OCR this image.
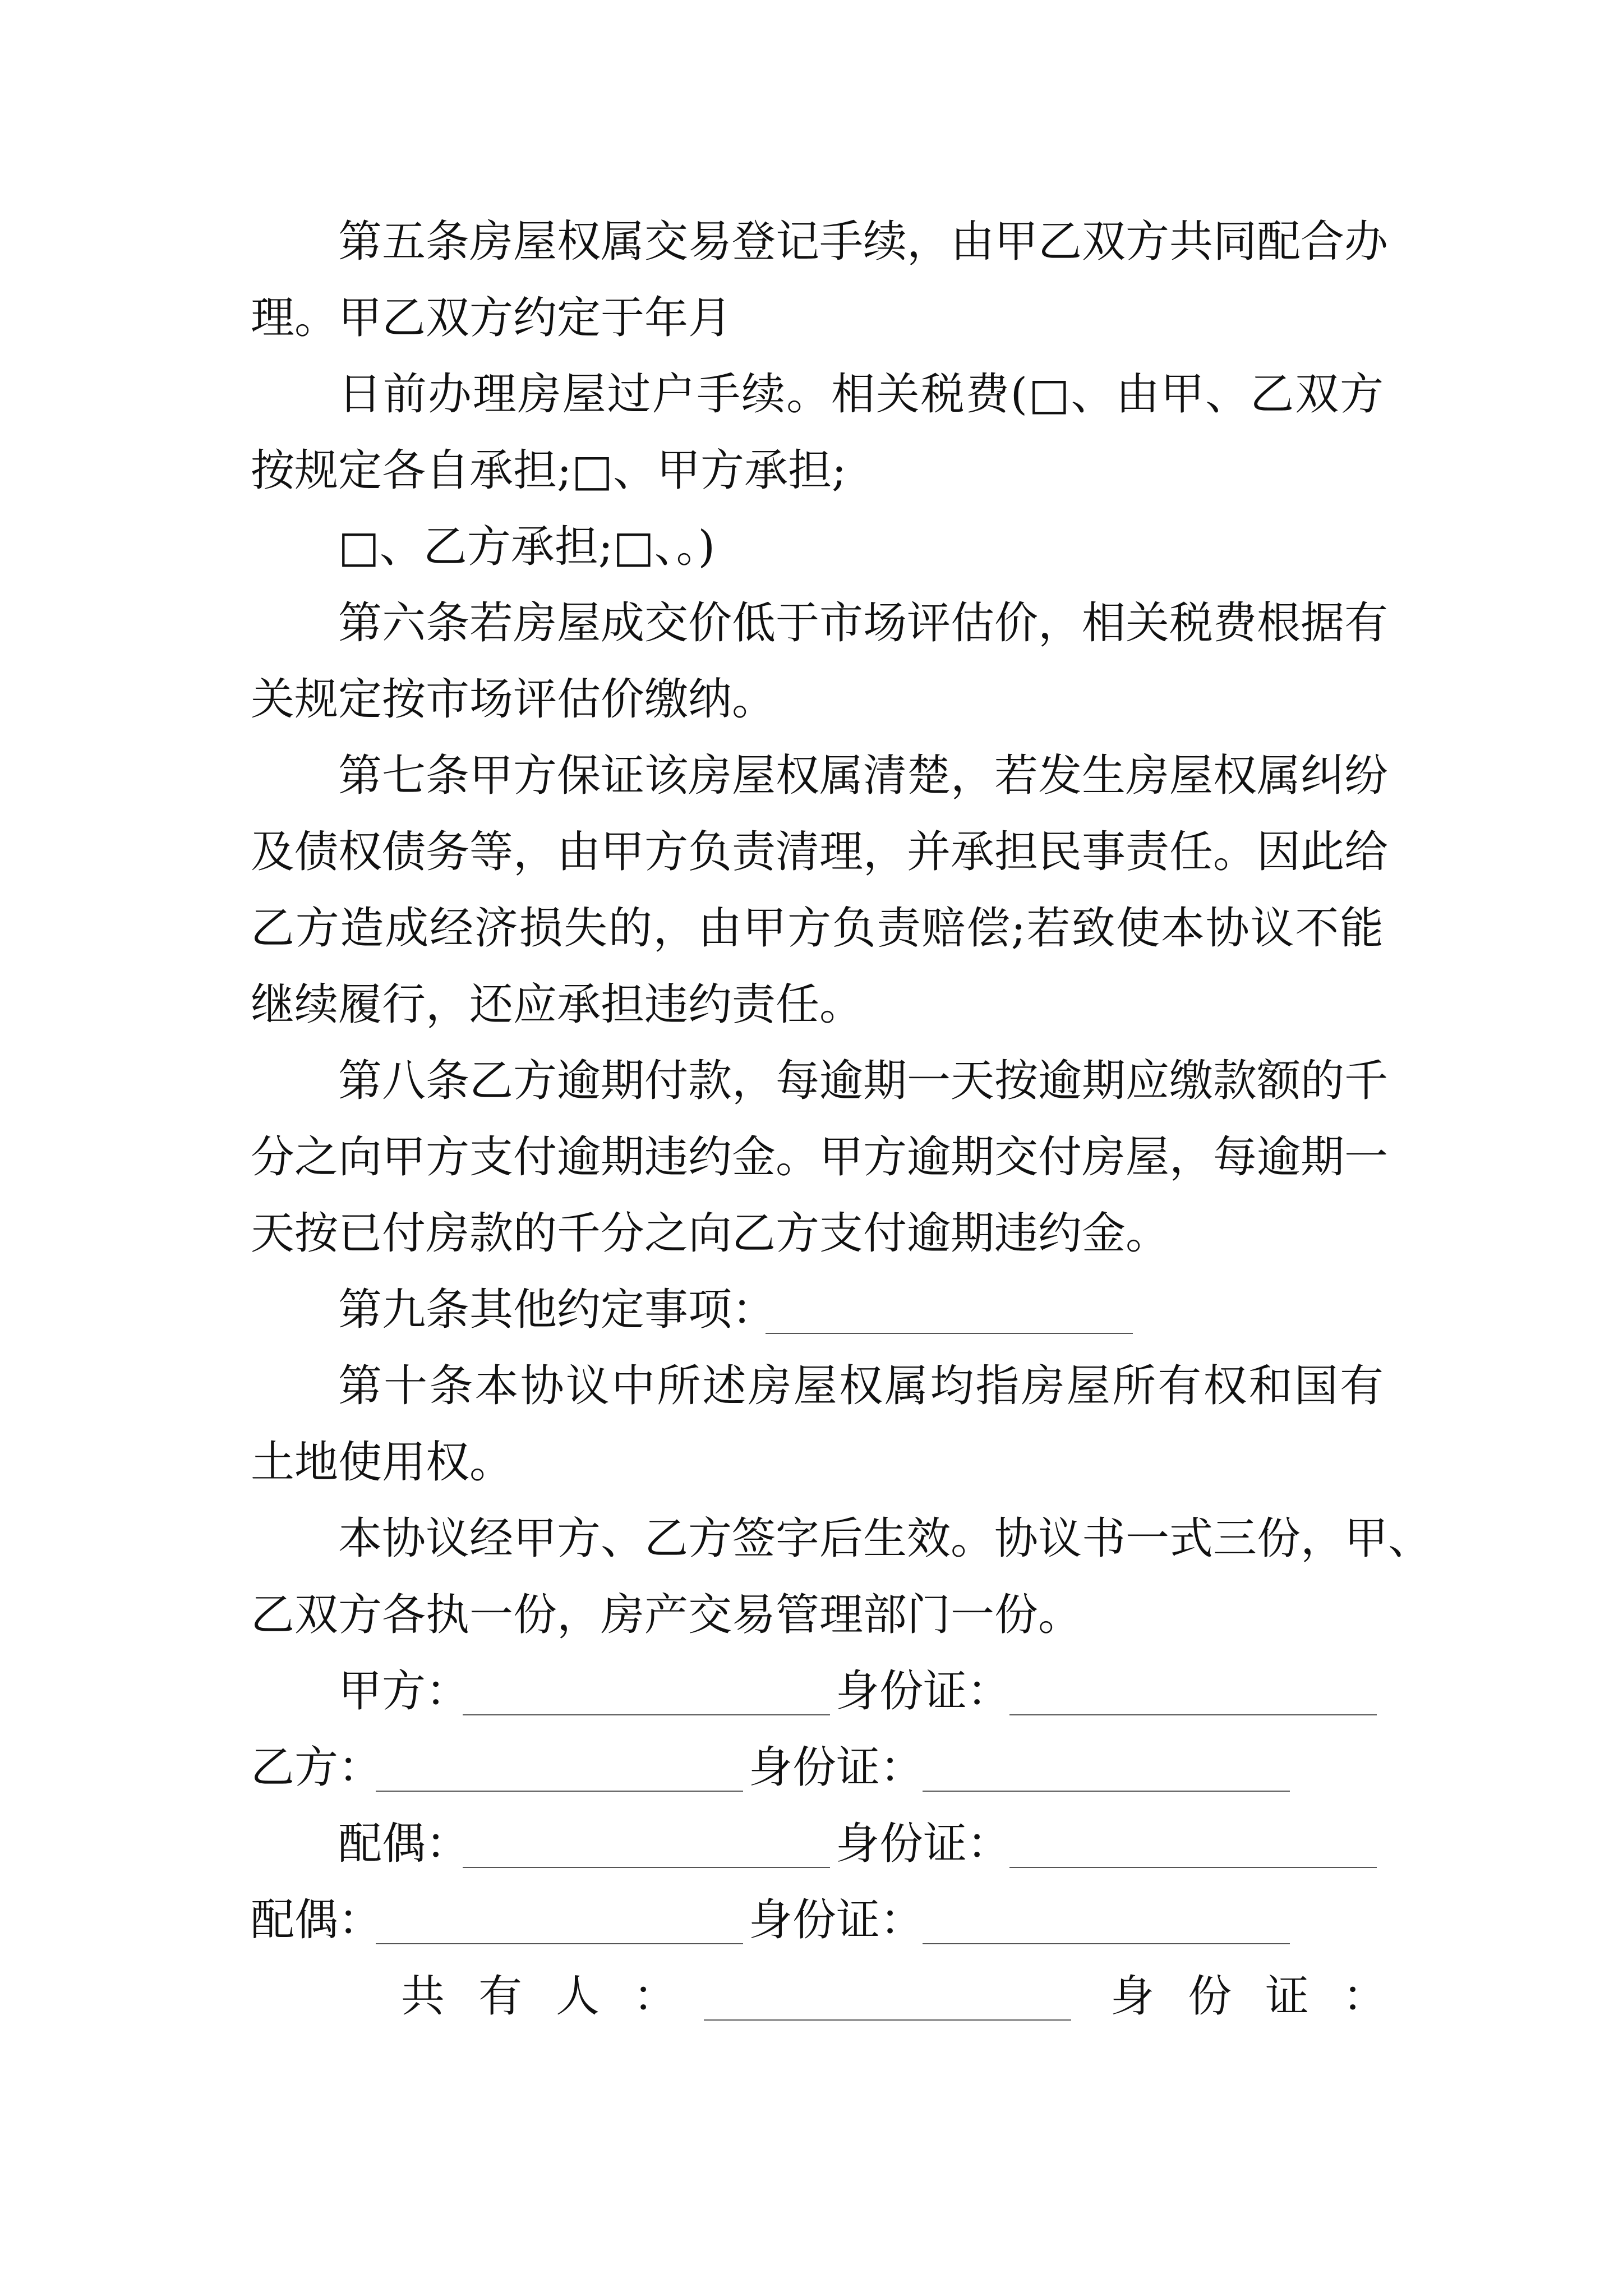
第五条房屋权属交易登记手续，由甲乙双方共同配合办
理。甲乙双方约定于年月
日前办理房屋过户手续。相关税费(□、由甲、乙双方
按规定各自承担;□、甲方承担;
□、乙方承担;□、。)
第六条若房屋成交价低于市场评估价，相关税费根据有
关规定按市场评估价缴纳。
第七条甲方保证该房屋权属清楚，若发生房屋权属纠纷
及债权债务等，由甲方负责清理，并承担民事责任。因此给
乙方造成经济损失的，由甲方负责赔偿;若致使本协议不能
继续履行，还应承担违约责任。
第八条乙方逾期付款，每逾期一天按逾期应缴款额的千
分之向甲方支付逾期违约金。甲方逾期交付房屋，每逾期一
天按已付房款的千分之向乙方支付逾期违约金。
第九条其他约定事项：
第十条本协议中所述房屋权属均指房屋所有权和国有
土地使用权。
本协议经甲方、乙方签字后生效。协议书一式三份，甲、
乙双方各执一份，房产交易管理部门一份。
甲方：	身份证：
乙方：	身份证：
配偶：	身份证：
配偶：	身份证：
共有人：	身份证：
